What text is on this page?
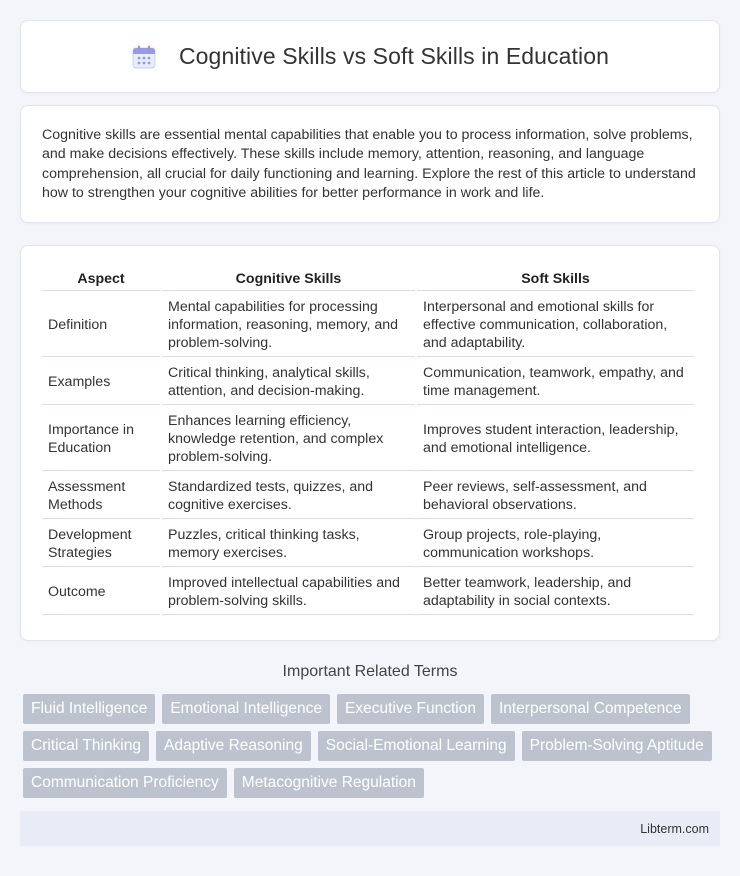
Cognitive Skills vs Soft Skills in Education

Cognitive skills are essential mental capabilities that enable you to process information, solve problems, and make decisions effectively. These skills include memory, attention, reasoning, and language comprehension, all crucial for daily functioning and learning. Explore the rest of this article to understand how to strengthen your cognitive abilities for better performance in work and life.

Aspect	Cognitive Skills	Soft Skills
Definition	Mental capabilities for processing information, reasoning, memory, and problem-solving.	Interpersonal and emotional skills for effective communication, collaboration, and adaptability.
Examples	Critical thinking, analytical skills, attention, and decision-making.	Communication, teamwork, empathy, and time management.
Importance in Education	Enhances learning efficiency, knowledge retention, and complex problem-solving.	Improves student interaction, leadership, and emotional intelligence.
Assessment Methods	Standardized tests, quizzes, and cognitive exercises.	Peer reviews, self-assessment, and behavioral observations.
Development Strategies	Puzzles, critical thinking tasks, memory exercises.	Group projects, role-playing, communication workshops.
Outcome	Improved intellectual capabilities and problem-solving skills.	Better teamwork, leadership, and adaptability in social contexts.
Important Related Terms
Fluid Intelligence	Emotional Intelligence	Executive Function	Interpersonal Competence
Critical Thinking	Adaptive Reasoning	Social-Emotional Learning	Problem-Solving Aptitude
Communication Proficiency	Metacognitive Regulation
Libterm.com
